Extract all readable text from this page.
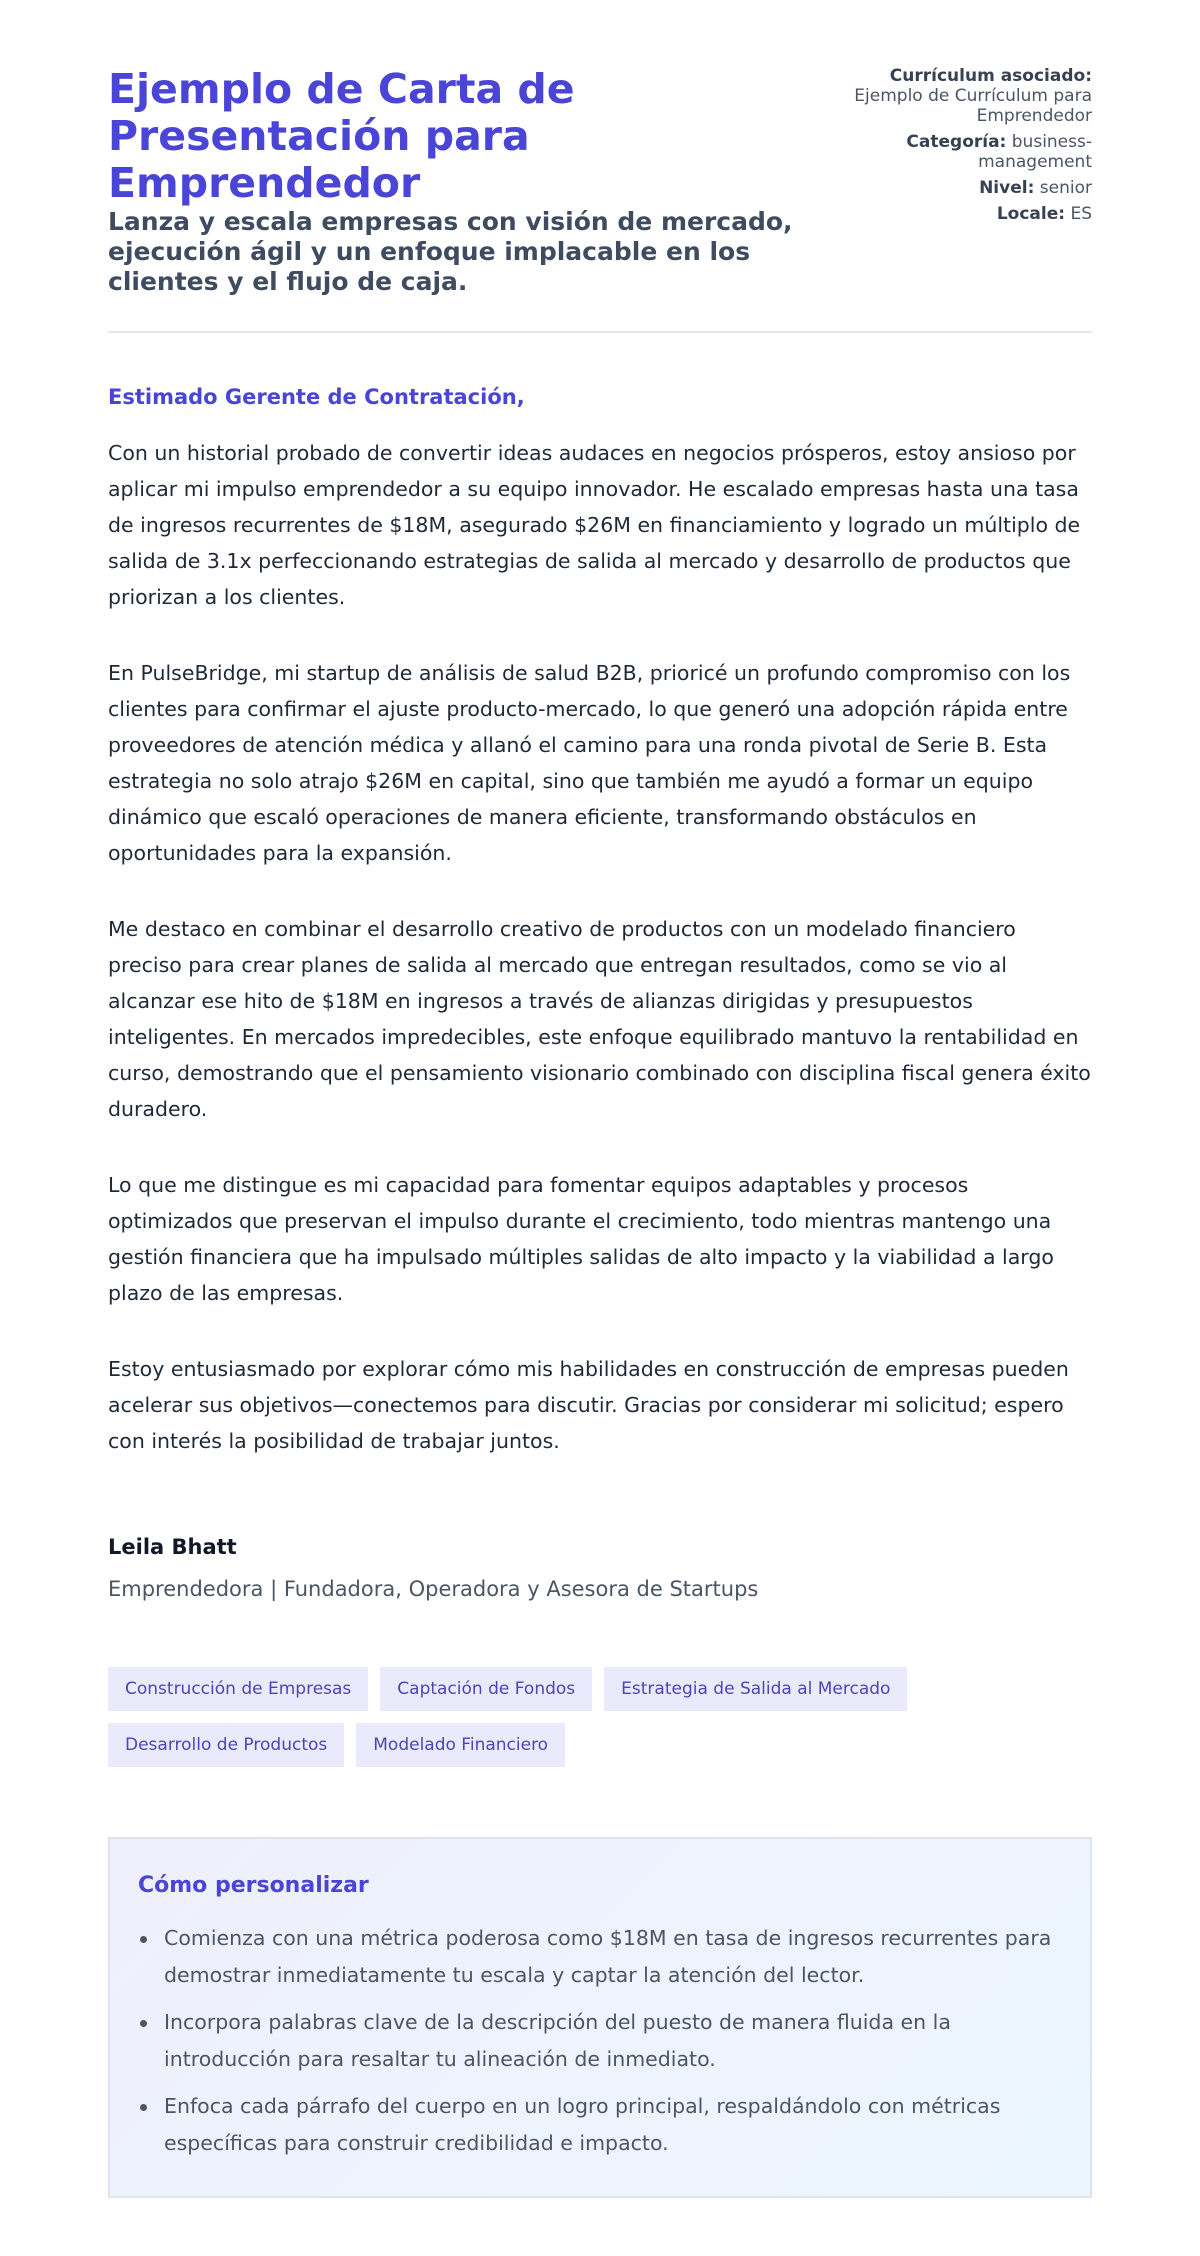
Ejemplo de Carta de Presentación para Emprendedor
Lanza y escala empresas con visión de mercado, ejecución ágil y un enfoque implacable en los clientes y el flujo de caja.
Currículum asociado:
Ejemplo de Currículum para Emprendedor
Categoría: business-management
Nivel: senior
Locale: ES

Estimado Gerente de Contratación,

Con un historial probado de convertir ideas audaces en negocios prósperos, estoy ansioso por aplicar mi impulso emprendedor a su equipo innovador. He escalado empresas hasta una tasa de ingresos recurrentes de $18M, asegurado $26M en financiamiento y logrado un múltiplo de salida de 3.1x perfeccionando estrategias de salida al mercado y desarrollo de productos que priorizan a los clientes.

En PulseBridge, mi startup de análisis de salud B2B, prioricé un profundo compromiso con los clientes para confirmar el ajuste producto-mercado, lo que generó una adopción rápida entre proveedores de atención médica y allanó el camino para una ronda pivotal de Serie B. Esta estrategia no solo atrajo $26M en capital, sino que también me ayudó a formar un equipo dinámico que escaló operaciones de manera eficiente, transformando obstáculos en oportunidades para la expansión.

Me destaco en combinar el desarrollo creativo de productos con un modelado financiero preciso para crear planes de salida al mercado que entregan resultados, como se vio al alcanzar ese hito de $18M en ingresos a través de alianzas dirigidas y presupuestos inteligentes. En mercados impredecibles, este enfoque equilibrado mantuvo la rentabilidad en curso, demostrando que el pensamiento visionario combinado con disciplina fiscal genera éxito duradero.

Lo que me distingue es mi capacidad para fomentar equipos adaptables y procesos optimizados que preservan el impulso durante el crecimiento, todo mientras mantengo una gestión financiera que ha impulsado múltiples salidas de alto impacto y la viabilidad a largo plazo de las empresas.

Estoy entusiasmado por explorar cómo mis habilidades en construcción de empresas pueden acelerar sus objetivos—conectemos para discutir. Gracias por considerar mi solicitud; espero con interés la posibilidad de trabajar juntos.

Leila Bhatt

Emprendedora | Fundadora, Operadora y Asesora de Startups

Construcción de Empresas	Captación de Fondos	Estrategia de Salida al Mercado
Desarrollo de Productos	Modelado Financiero
Cómo personalizar
Comienza con una métrica poderosa como $18M en tasa de ingresos recurrentes para demostrar inmediatamente tu escala y captar la atención del lector.
Incorpora palabras clave de la descripción del puesto de manera fluida en la introducción para resaltar tu alineación de inmediato.
Enfoca cada párrafo del cuerpo en un logro principal, respaldándolo con métricas específicas para construir credibilidad e impacto.
